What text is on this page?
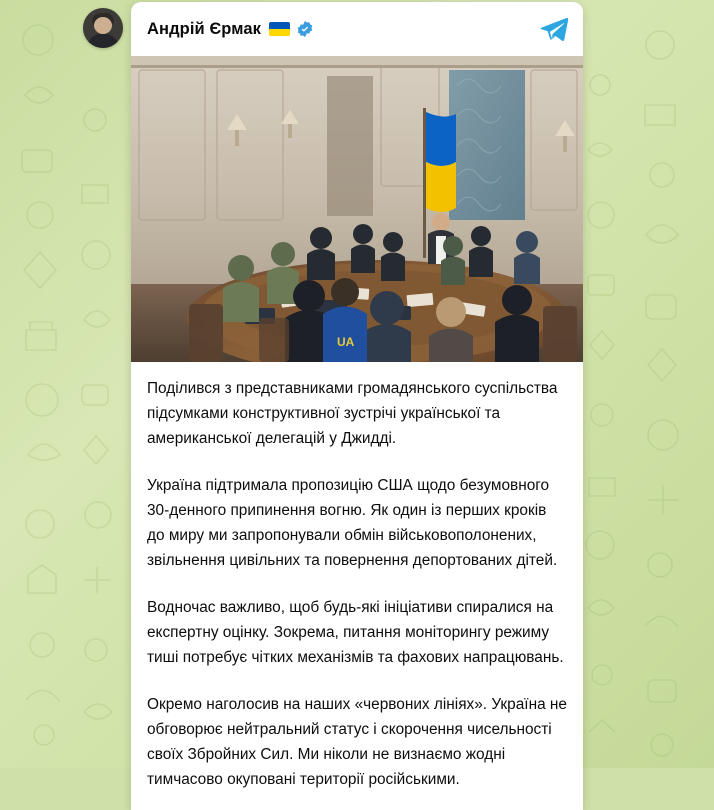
Андрій Єрмак
UA

Поділився з представниками громадянського суспільства підсумками конструктивної зустрічі української та американської делегацій у Джидді.

Україна підтримала пропозицію США щодо безумовного 30-денного припинення вогню. Як один із перших кроків до миру ми запропонували обмін військовополонених, звільнення цивільних та повернення депортованих дітей.

Водночас важливо, щоб будь-які ініціативи спиралися на експертну оцінку. Зокрема, питання моніторингу режиму тиші потребує чітких механізмів та фахових напрацювань.

Окремо наголосив на наших «червоних лініях». Україна не обговорює нейтральний статус і скорочення чисельності своїх Збройних Сил. Ми ніколи не визнаємо жодні тимчасово окуповані території російськими.
